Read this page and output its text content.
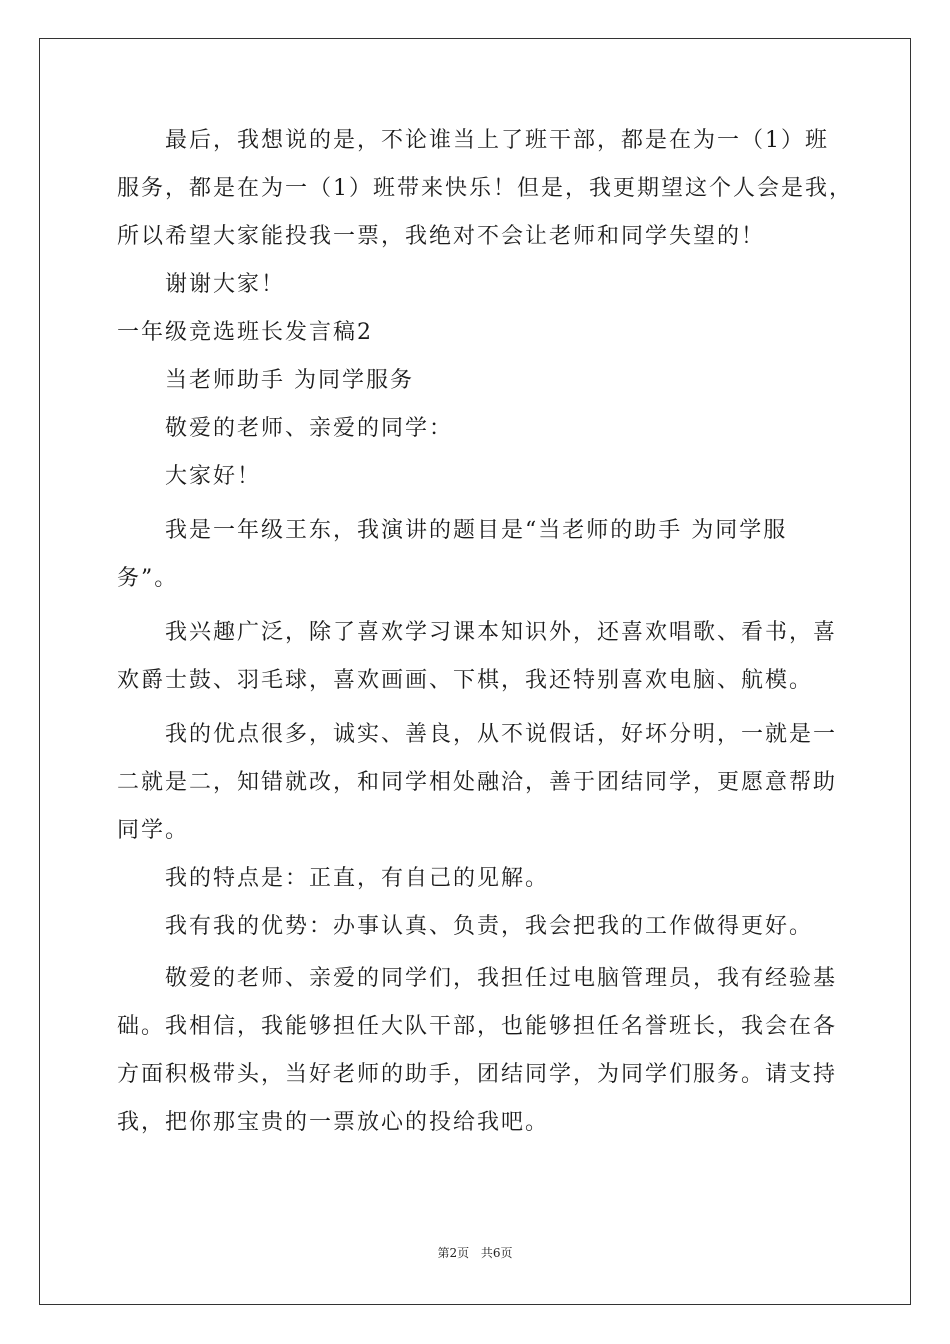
最后，我想说的是，不论谁当上了班干部，都是在为一（1）班
服务，都是在为一（1）班带来快乐！但是，我更期望这个人会是我，
所以希望大家能投我一票，我绝对不会让老师和同学失望的！
谢谢大家！
一年级竞选班长发言稿2
当老师助手 为同学服务
敬爱的老师、亲爱的同学：
大家好！
我是一年级王东，我演讲的题目是“当老师的助手 为同学服
务”。
我兴趣广泛，除了喜欢学习课本知识外，还喜欢唱歌、看书，喜
欢爵士鼓、羽毛球，喜欢画画、下棋，我还特别喜欢电脑、航模。
我的优点很多，诚实、善良，从不说假话，好坏分明，一就是一
二就是二，知错就改，和同学相处融洽，善于团结同学，更愿意帮助
同学。
我的特点是：正直，有自己的见解。
我有我的优势：办事认真、负责，我会把我的工作做得更好。
敬爱的老师、亲爱的同学们，我担任过电脑管理员，我有经验基
础。我相信，我能够担任大队干部，也能够担任名誉班长，我会在各
方面积极带头，当好老师的助手，团结同学，为同学们服务。请支持
我，把你那宝贵的一票放心的投给我吧。
第2页 共6页
